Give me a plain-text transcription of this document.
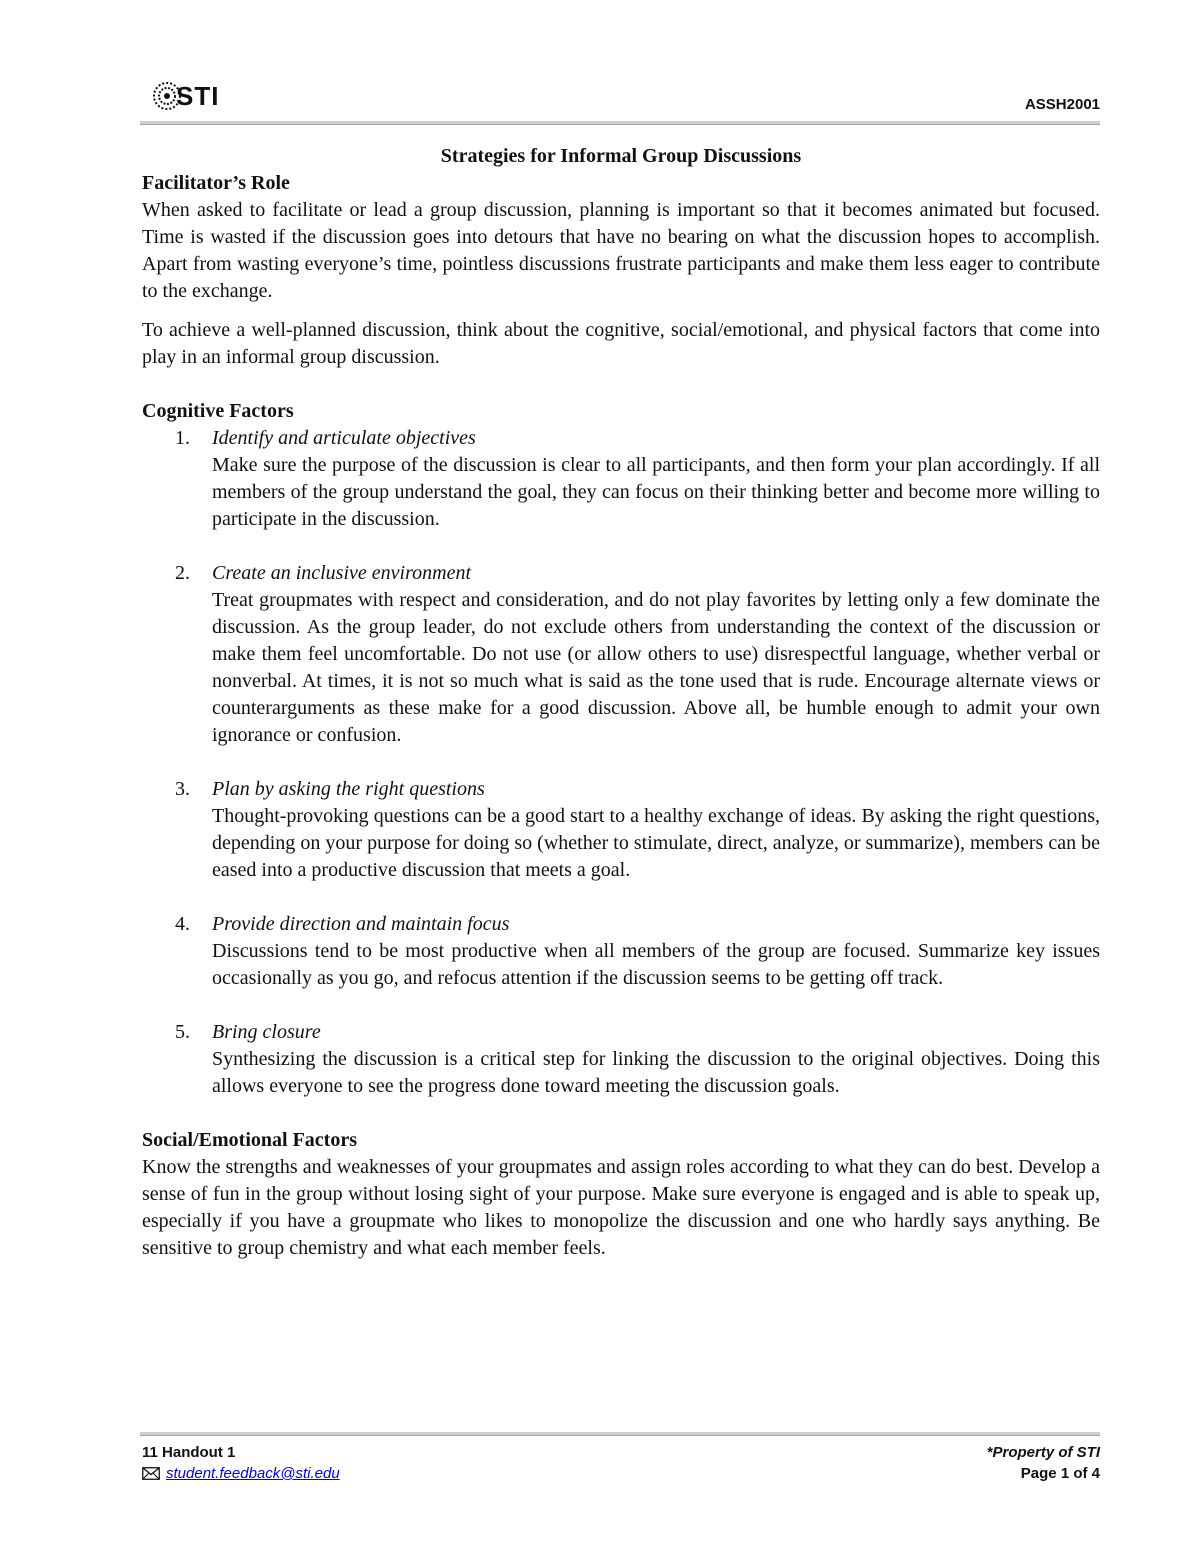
STI	ASSH2001
Strategies for Informal Group Discussions
Facilitator’s Role

When asked to facilitate or lead a group discussion, planning is important so that it becomes animated but focused. Time is wasted if the discussion goes into detours that have no bearing on what the discussion hopes to accomplish. Apart from wasting everyone’s time, pointless discussions frustrate participants and make them less eager to contribute to the exchange.

To achieve a well-planned discussion, think about the cognitive, social/emotional, and physical factors that come into play in an informal group discussion.

Cognitive Factors
1. Identify and articulate objectives

Make sure the purpose of the discussion is clear to all participants, and then form your plan accordingly. If all members of the group understand the goal, they can focus on their thinking better and become more willing to participate in the discussion.

2. Create an inclusive environment

Treat groupmates with respect and consideration, and do not play favorites by letting only a few dominate the discussion. As the group leader, do not exclude others from understanding the context of the discussion or make them feel uncomfortable. Do not use (or allow others to use) disrespectful language, whether verbal or nonverbal. At times, it is not so much what is said as the tone used that is rude. Encourage alternate views or counterarguments as these make for a good discussion. Above all, be humble enough to admit your own ignorance or confusion.

3. Plan by asking the right questions

Thought-provoking questions can be a good start to a healthy exchange of ideas. By asking the right questions, depending on your purpose for doing so (whether to stimulate, direct, analyze, or summarize), members can be eased into a productive discussion that meets a goal.

4. Provide direction and maintain focus

Discussions tend to be most productive when all members of the group are focused. Summarize key issues occasionally as you go, and refocus attention if the discussion seems to be getting off track.

5. Bring closure

Synthesizing the discussion is a critical step for linking the discussion to the original objectives. Doing this allows everyone to see the progress done toward meeting the discussion goals.

Social/Emotional Factors

Know the strengths and weaknesses of your groupmates and assign roles according to what they can do best. Develop a sense of fun in the group without losing sight of your purpose. Make sure everyone is engaged and is able to speak up, especially if you have a groupmate who likes to monopolize the discussion and one who hardly says anything. Be sensitive to group chemistry and what each member feels.

11 Handout 1
student.feedback@sti.edu
*Property of STI
Page 1 of 4
